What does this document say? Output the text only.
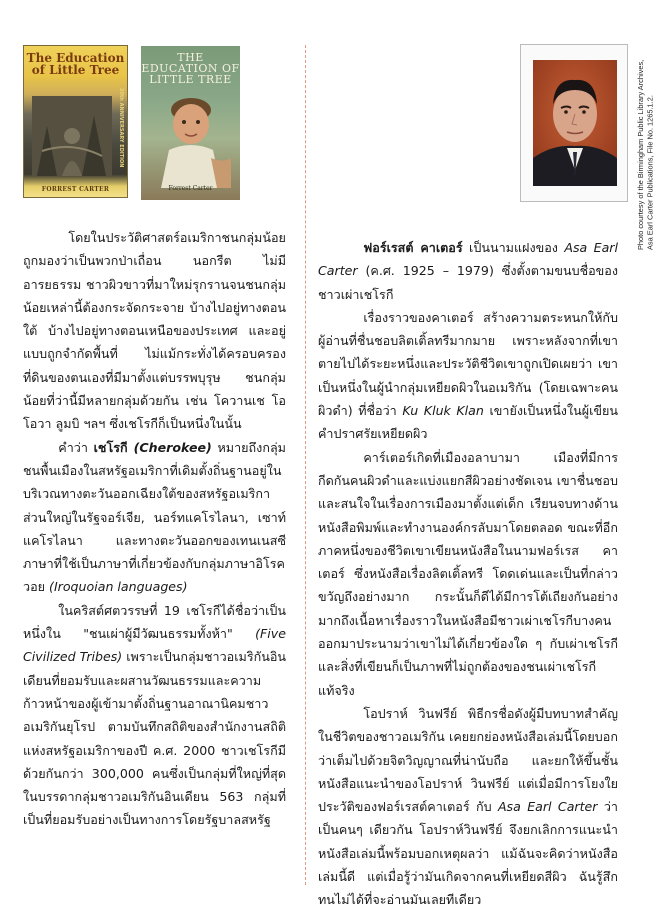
The Education of Little Tree
20th ANNIVERSARY EDITION
FORREST CARTER
THE EDUCATION OF LITTLE TREE
Forrest Carter	Photo courtesy of the Birmingham Public Library Archives, Asa Earl Carter Publications, File No. 1265.1.2.

โดยในประวัติศาสตร์อเมริกาชนกลุ่มน้อยถูกมองว่าเป็นพวกป่าเถื่อน นอกรีต ไม่มีอารยธรรม ชาวผิวขาวที่มาใหม่รุกรานจนชนกลุ่มน้อยเหล่านี้ต้องกระจัดกระจาย บ้างไปอยู่ทางตอนใต้ บ้างไปอยู่ทางตอนเหนือของประเทศ และอยู่แบบถูกจำกัดพื้นที่ ไม่แม้กระทั่งได้ครอบครองที่ดินของตนเองที่มีมาตั้งแต่บรรพบุรุษ ชนกลุ่มน้อยที่ว่านี้มีหลายกลุ่มด้วยกัน เช่น โควานเช โอโอวา ลูมบิ ฯลฯ ซึ่งเชโรกีก็เป็นหนึ่งในนั้น

คำว่า เชโรกี (Cherokee) หมายถึงกลุ่มชนพื้นเมืองในสหรัฐอเมริกาที่เดิมตั้งถิ่นฐานอยู่ในบริเวณทางตะวันออกเฉียงใต้ของสหรัฐอเมริกาส่วนใหญ่ในรัฐจอร์เจีย, นอร์ทแคโรไลนา, เซาท์แคโรไลนา และทางตะวันออกของเทนเนสซี ภาษาที่ใช้เป็นภาษาที่เกี่ยวข้องกับกลุ่มภาษาอิโรควอย (Iroquoian languages)

ในคริสต์ศตวรรษที่ 19 เชโรกีได้ชื่อว่าเป็นหนึ่งใน "ชนเผ่าผู้มีวัฒนธรรมทั้งห้า" (Five Civilized Tribes) เพราะเป็นกลุ่มชาวอเมริกันอินเดียนที่ยอมรับและผสานวัฒนธรรมและความก้าวหน้าของผู้เข้ามาตั้งถิ่นฐานอาณานิคมชาวอเมริกันยุโรป ตามบันทึกสถิติของสำนักงานสถิติแห่งสหรัฐอเมริกาของปี ค.ศ. 2000 ชาวเชโรกีมีด้วยกันกว่า 300,000 คนซึ่งเป็นกลุ่มที่ใหญ่ที่สุดในบรรดากลุ่มชาวอเมริกันอินเดียน 563 กลุ่มที่เป็นที่ยอมรับอย่างเป็นทางการโดยรัฐบาลสหรัฐ

ฟอร์เรสต์ คาเตอร์ เป็นนามแฝงของ Asa Earl Carter (ค.ศ. 1925 – 1979) ซึ่งตั้งตามขนบชื่อของชาวเผ่าเชโรกี

เรื่องราวของคาเตอร์ สร้างความตระหนกให้กับผู้อ่านที่ชื่นชอบลิตเติ้ลทรีมากมาย เพราะหลังจากที่เขาตายไปได้ระยะหนึ่งและประวัติชีวิตเขาถูกเปิดเผยว่า เขาเป็นหนึ่งในผู้นำกลุ่มเหยียดผิวในอเมริกัน (โดยเฉพาะคนผิวดำ) ที่ชื่อว่า Ku Kluk Klan เขายังเป็นหนึ่งในผู้เขียนคำปราศรัยเหยียดผิว

คาร์เตอร์เกิดที่เมืองอลาบามา เมืองที่มีการกีดกันคนผิวดำและแบ่งแยกสีผิวอย่างชัดเจน เขาชื่นชอบและสนใจในเรื่องการเมืองมาตั้งแต่เด็ก เรียนจบทางด้านหนังสือพิมพ์และทำงานองค์กรลับมาโดยตลอด ขณะที่อีกภาคหนึ่งของชีวิตเขาเขียนหนังสือในนามฟอร์เรส คาเตอร์ ซึ่งหนังสือเรื่องลิตเติ้ลทรี โดดเด่นและเป็นที่กล่าวขวัญถึงอย่างมาก กระนั้นก็ดีได้มีการโต้เถียงกันอย่างมากถึงเนื้อหาเรื่องราวในหนังสือมีชาวเผ่าเชโรกีบางคนออกมาประนามว่าเขาไม่ได้เกี่ยวข้องใด ๆ กับเผ่าเชโรกี และสิ่งที่เขียนก็เป็นภาพที่ไม่ถูกต้องของชนเผ่าเชโรกีแท้จริง

โอปราห์ วินฟรีย์ พิธีกรชื่อดังผู้มีบทบาทสำคัญในชีวิตของชาวอเมริกัน เคยยกย่องหนังสือเล่มนี้โดยบอกว่าเต็มไปด้วยจิตวิญญาณที่น่านับถือ และยกให้ขึ้นชั้นหนังสือแนะนำของโอปราห์ วินฟรีย์ แต่เมื่อมีการโยงใยประวัติของฟอร์เรสต์คาเตอร์ กับ Asa Earl Carter ว่าเป็นคนๆ เดียวกัน โอปราห์วินฟรีย์ จึงยกเลิกการแนะนำหนังสือเล่มนี้พร้อมบอกเหตุผลว่า แม้ฉันจะคิดว่าหนังสือเล่มนี้ดี แต่เมื่อรู้ว่ามันเกิดจากคนที่เหยียดสีผิว ฉันรู้สึกทนไม่ได้ที่จะอ่านมันเลยทีเดียว
